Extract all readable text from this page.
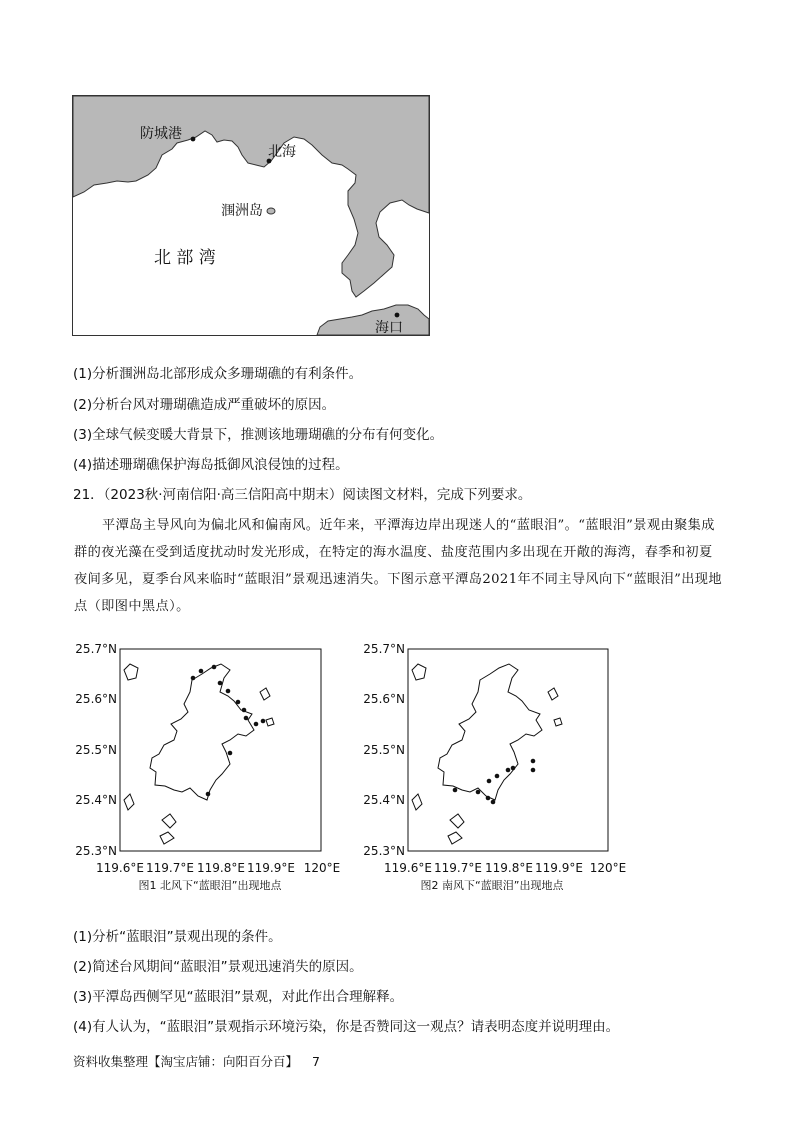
防城港
北海
涠洲岛
北 部 湾
海口
(1)分析涠洲岛北部形成众多珊瑚礁的有利条件。
(2)分析台风对珊瑚礁造成严重破坏的原因。
(3)全球气候变暖大背景下，推测该地珊瑚礁的分布有何变化。
(4)描述珊瑚礁保护海岛抵御风浪侵蚀的过程。
21．（2023秋·河南信阳·高三信阳高中期末）阅读图文材料，完成下列要求。

平潭岛主导风向为偏北风和偏南风。近年来，平潭海边岸出现迷人的“蓝眼泪”。“蓝眼泪”景观由聚集成群的夜光藻在受到适度扰动时发光形成，在特定的海水温度、盐度范围内多出现在开敞的海湾，春季和初夏夜间多见，夏季台风来临时“蓝眼泪”景观迅速消失。下图示意平潭岛2021年不同主导风向下“蓝眼泪”出现地点（即图中黑点）。

25.7°N
25.6°N
25.5°N
25.4°N
25.3°N
119.6°E 119.7°E 119.8°E 119.9°E 120°E
图1 北风下“蓝眼泪”出现地点
25.7°N
25.6°N
25.5°N
25.4°N
25.3°N
119.6°E 119.7°E 119.8°E 119.9°E 120°E
图2 南风下“蓝眼泪”出现地点
(1)分析“蓝眼泪”景观出现的条件。
(2)简述台风期间“蓝眼泪”景观迅速消失的原因。
(3)平潭岛西侧罕见“蓝眼泪”景观，对此作出合理解释。
(4)有人认为，“蓝眼泪”景观指示环境污染，你是否赞同这一观点？请表明态度并说明理由。
资料收集整理【淘宝店铺：向阳百分百】 7
